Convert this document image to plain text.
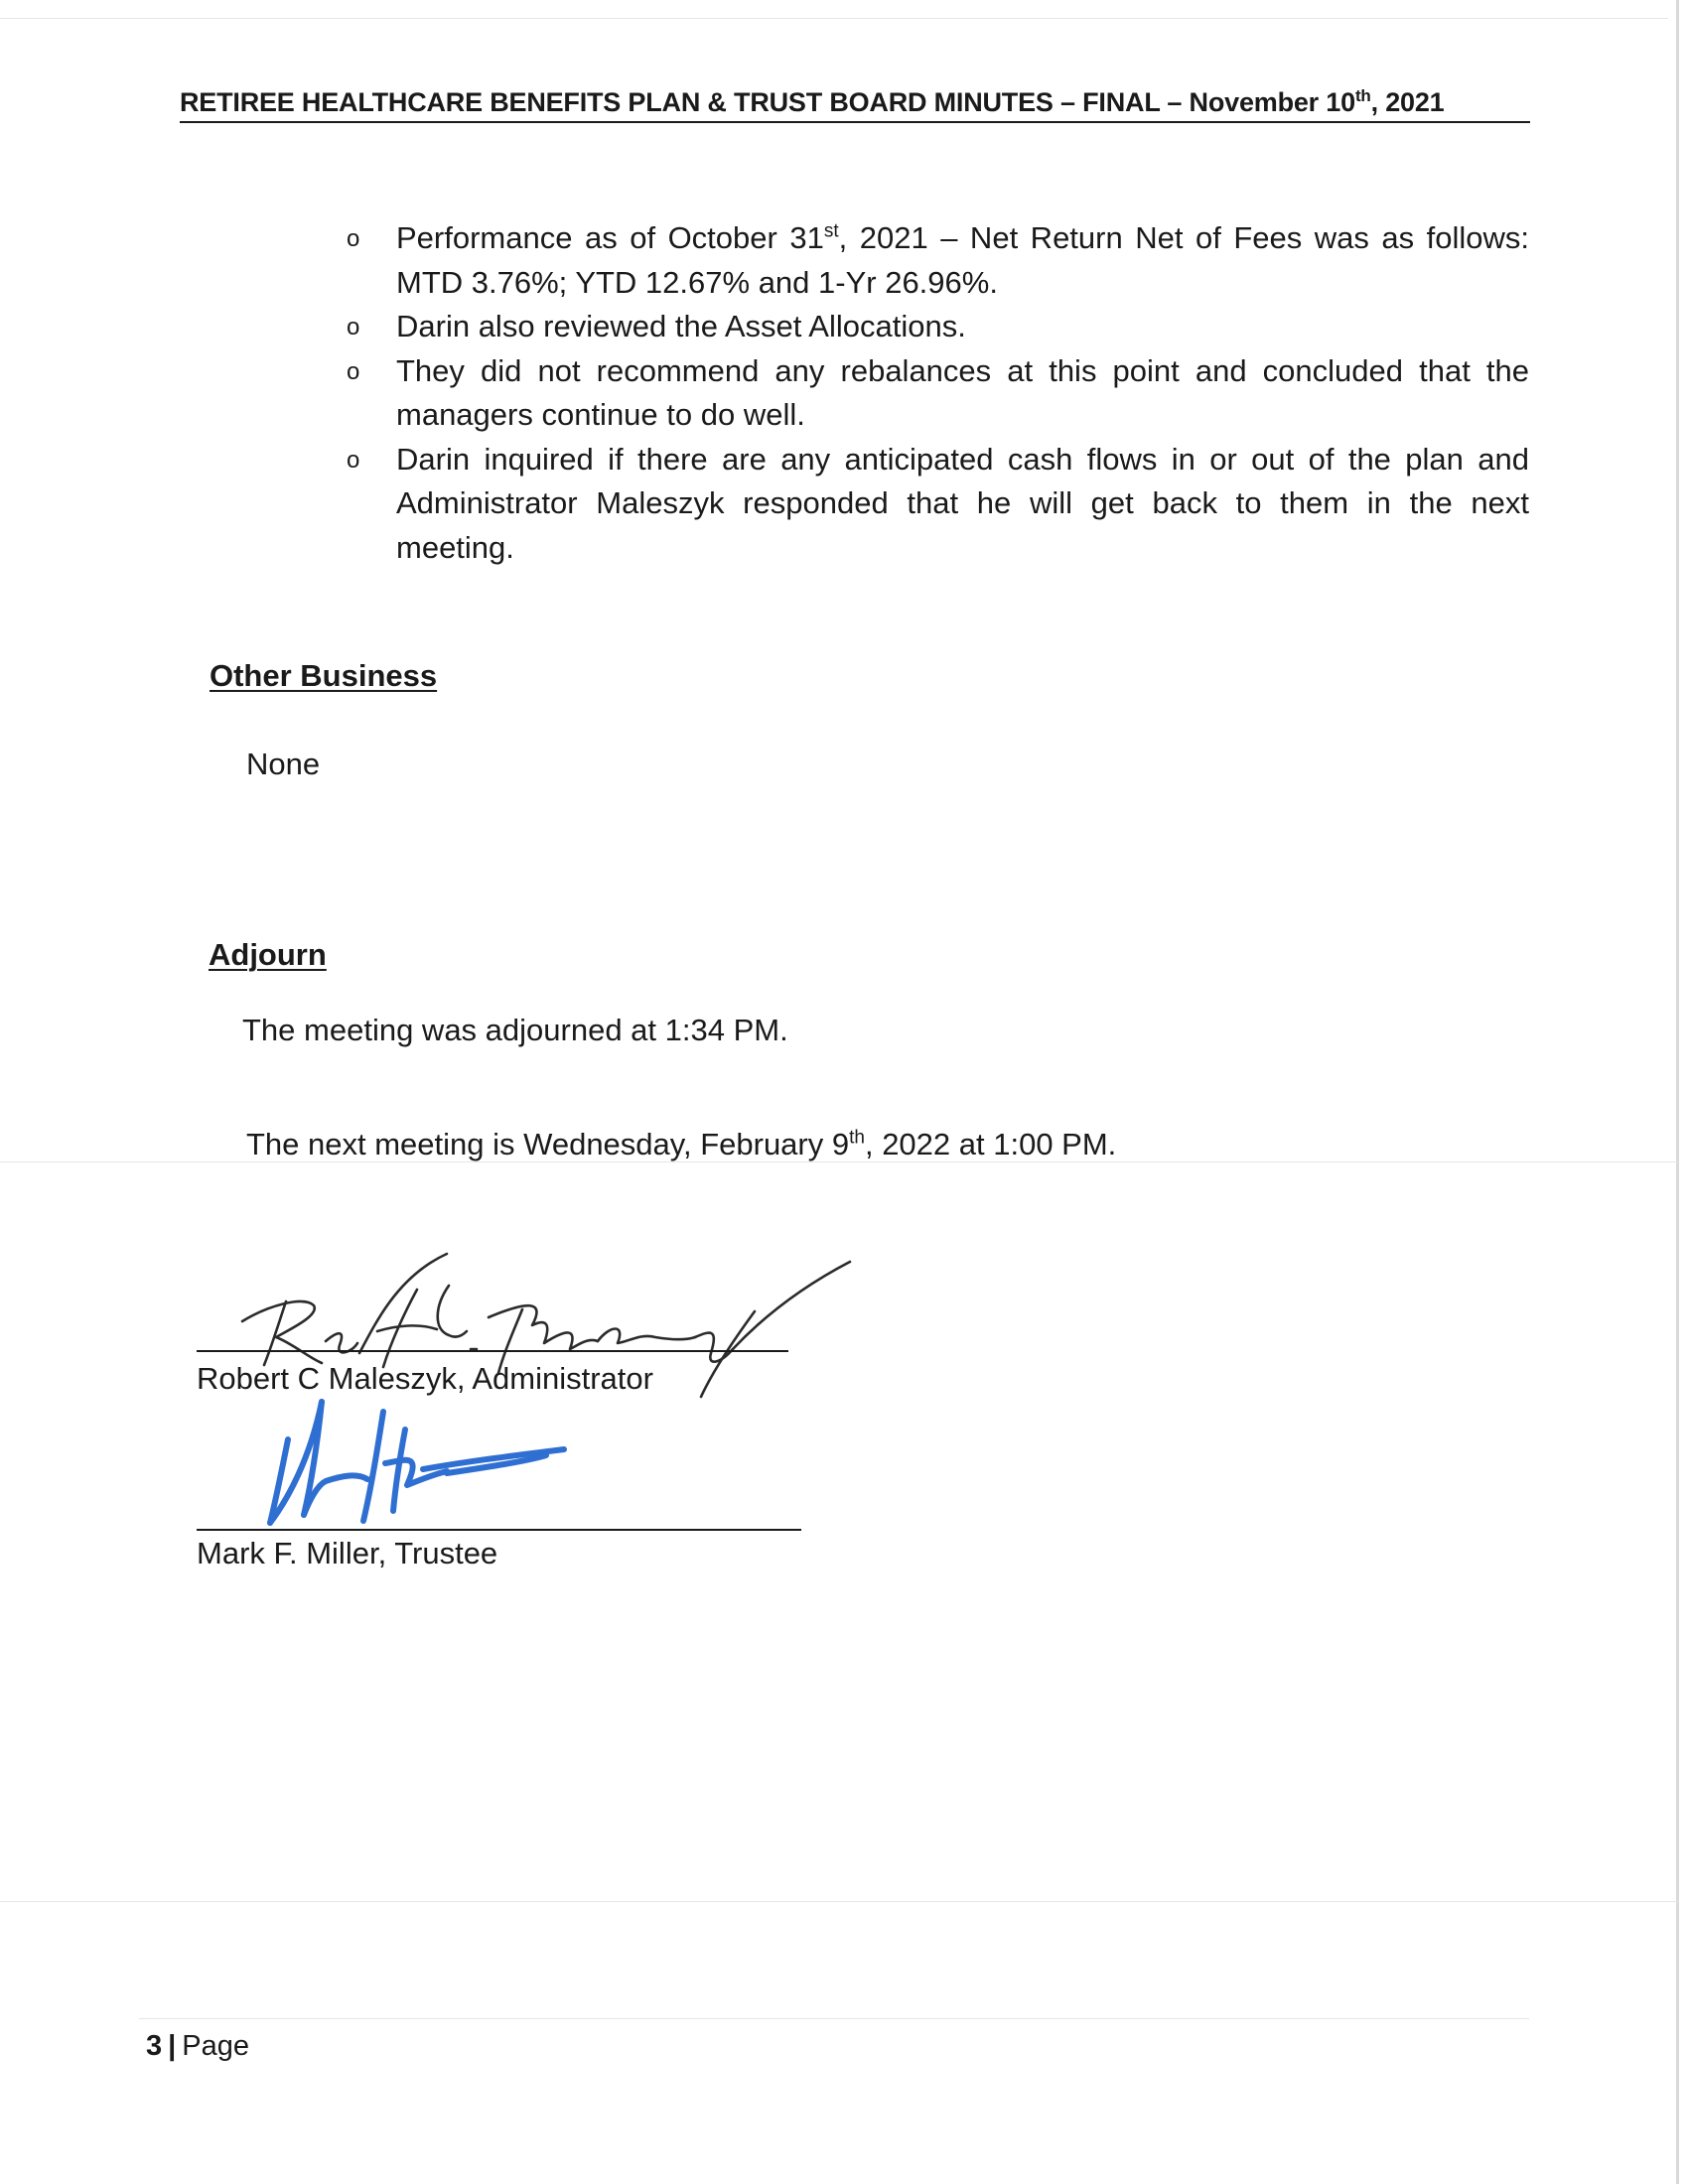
RETIREE HEALTHCARE BENEFITS PLAN & TRUST BOARD MINUTES – FINAL – November 10th, 2021
o Performance as of October 31st, 2021 – Net Return Net of Fees was as follows: MTD 3.76%; YTD 12.67% and 1-Yr 26.96%.
o Darin also reviewed the Asset Allocations.
o They did not recommend any rebalances at this point and concluded that the managers continue to do well.
o Darin inquired if there are any anticipated cash flows in or out of the plan and Administrator Maleszyk responded that he will get back to them in the next meeting.
Other Business
None
Adjourn
The meeting was adjourned at 1:34 PM.
The next meeting is Wednesday, February 9th, 2022 at 1:00 PM.
Robert C Maleszyk, Administrator
Mark F. Miller, Trustee
3 | Page
